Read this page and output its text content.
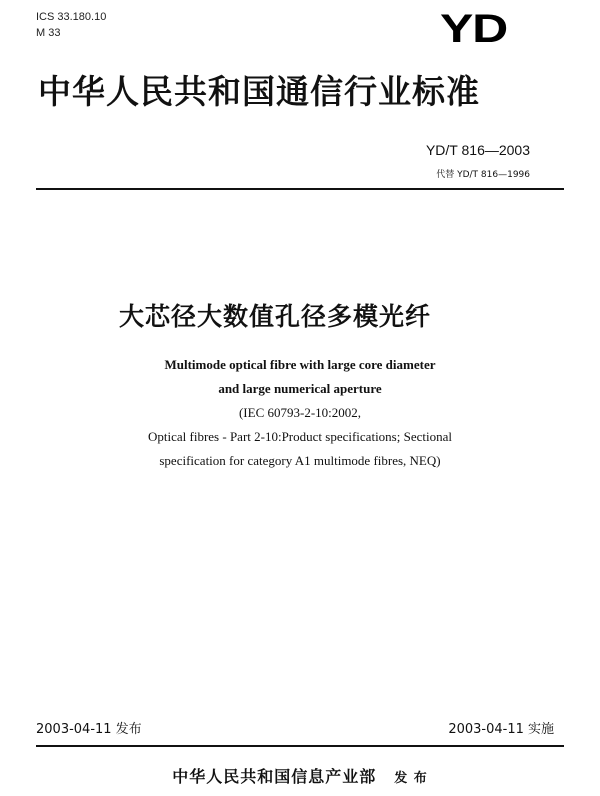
ICS 33.180.10
M 33	YD
中华人民共和国通信行业标准
YD/T 816—2003
代替 YD/T 816—1996
大芯径大数值孔径多模光纤
Multimode optical fibre with large core diameter
and large numerical aperture
(IEC 60793-2-10:2002,
Optical fibres - Part 2-10:Product specifications; Sectional
specification for category A1 multimode fibres, NEQ)
2003-04-11 发布	2003-04-11 实施
中华人民共和国信息产业部 发 布
